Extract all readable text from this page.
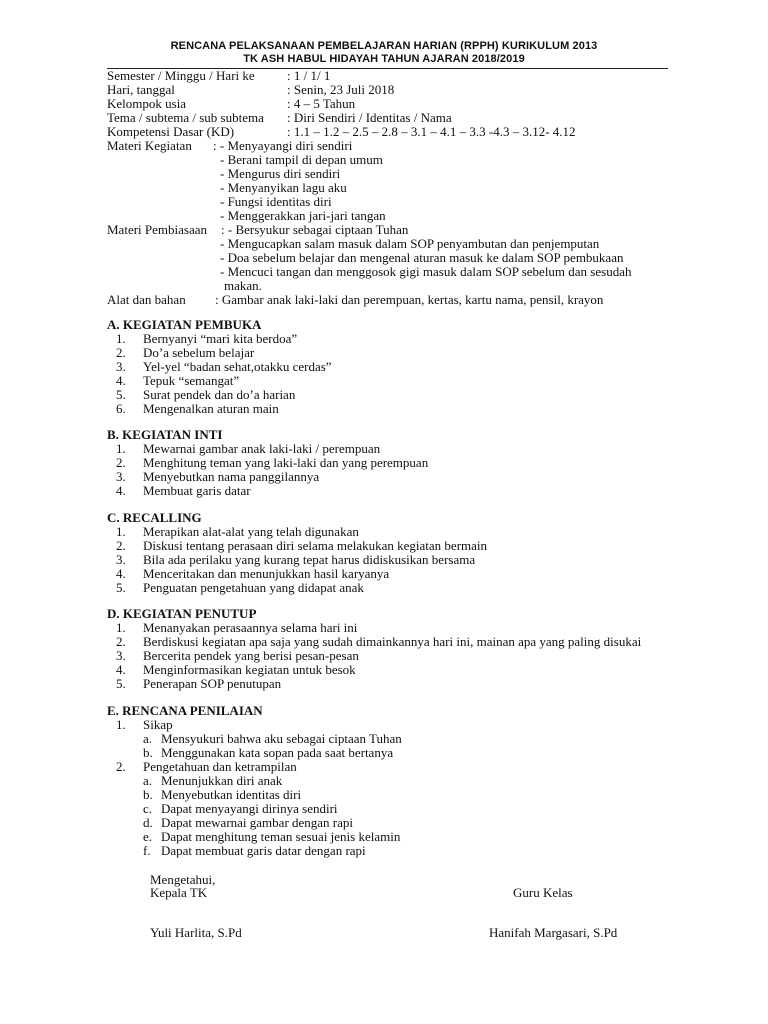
RENCANA PELAKSANAAN PEMBELAJARAN HARIAN (RPPH) KURIKULUM 2013
TK ASH HABUL HIDAYAH TAHUN AJARAN 2018/2019
Semester / Minggu / Hari ke : 1 / 1/ 1
Hari, tanggal	: Senin, 23 Juli 2018
Kelompok usia	: 4 – 5 Tahun
Tema / subtema / sub subtema : Diri Sendiri / Identitas / Nama
Kompetensi Dasar (KD)	: 1.1 – 1.2 – 2.5 – 2.8 – 3.1 – 4.1 – 3.3 -4.3 – 3.12- 4.12
Materi Kegiatan : - Menyayangi diri sendiri
- Berani tampil di depan umum
- Mengurus diri sendiri
- Menyanyikan lagu aku
- Fungsi identitas diri
- Menggerakkan jari-jari tangan
Materi Pembiasaan : - Bersyukur sebagai ciptaan Tuhan
- Mengucapkan salam masuk dalam SOP penyambutan dan penjemputan
- Doa sebelum belajar dan mengenal aturan masuk ke dalam SOP pembukaan
- Mencuci tangan dan menggosok gigi masuk dalam SOP sebelum dan sesudah
makan.
Alat dan bahan : Gambar anak laki-laki dan perempuan, kertas, kartu nama, pensil, krayon
A. KEGIATAN PEMBUKA
1. Bernyanyi “mari kita berdoa”
2. Do’a sebelum belajar
3. Yel-yel “badan sehat,otakku cerdas”
4. Tepuk “semangat”
5. Surat pendek dan do’a harian
6. Mengenalkan aturan main
B. KEGIATAN INTI
1. Mewarnai gambar anak laki-laki / perempuan
2. Menghitung teman yang laki-laki dan yang perempuan
3. Menyebutkan nama panggilannya
4. Membuat garis datar
C. RECALLING
1. Merapikan alat-alat yang telah digunakan
2. Diskusi tentang perasaan diri selama melakukan kegiatan bermain
3. Bila ada perilaku yang kurang tepat harus didiskusikan bersama
4. Menceritakan dan menunjukkan hasil karyanya
5. Penguatan pengetahuan yang didapat anak
D. KEGIATAN PENUTUP
1. Menanyakan perasaannya selama hari ini
2. Berdiskusi kegiatan apa saja yang sudah dimainkannya hari ini, mainan apa yang paling disukai
3. Bercerita pendek yang berisi pesan-pesan
4. Menginformasikan kegiatan untuk besok
5. Penerapan SOP penutupan
E. RENCANA PENILAIAN
1. Sikap
a. Mensyukuri bahwa aku sebagai ciptaan Tuhan
b. Menggunakan kata sopan pada saat bertanya
2. Pengetahuan dan ketrampilan
a. Menunjukkan diri anak
b. Menyebutkan identitas diri
c. Dapat menyayangi dirinya sendiri
d. Dapat mewarnai gambar dengan rapi
e. Dapat menghitung teman sesuai jenis kelamin
f. Dapat membuat garis datar dengan rapi
Mengetahui,
Kepala TK	Guru Kelas
Yuli Harlita, S.Pd	Hanifah Margasari, S.Pd
